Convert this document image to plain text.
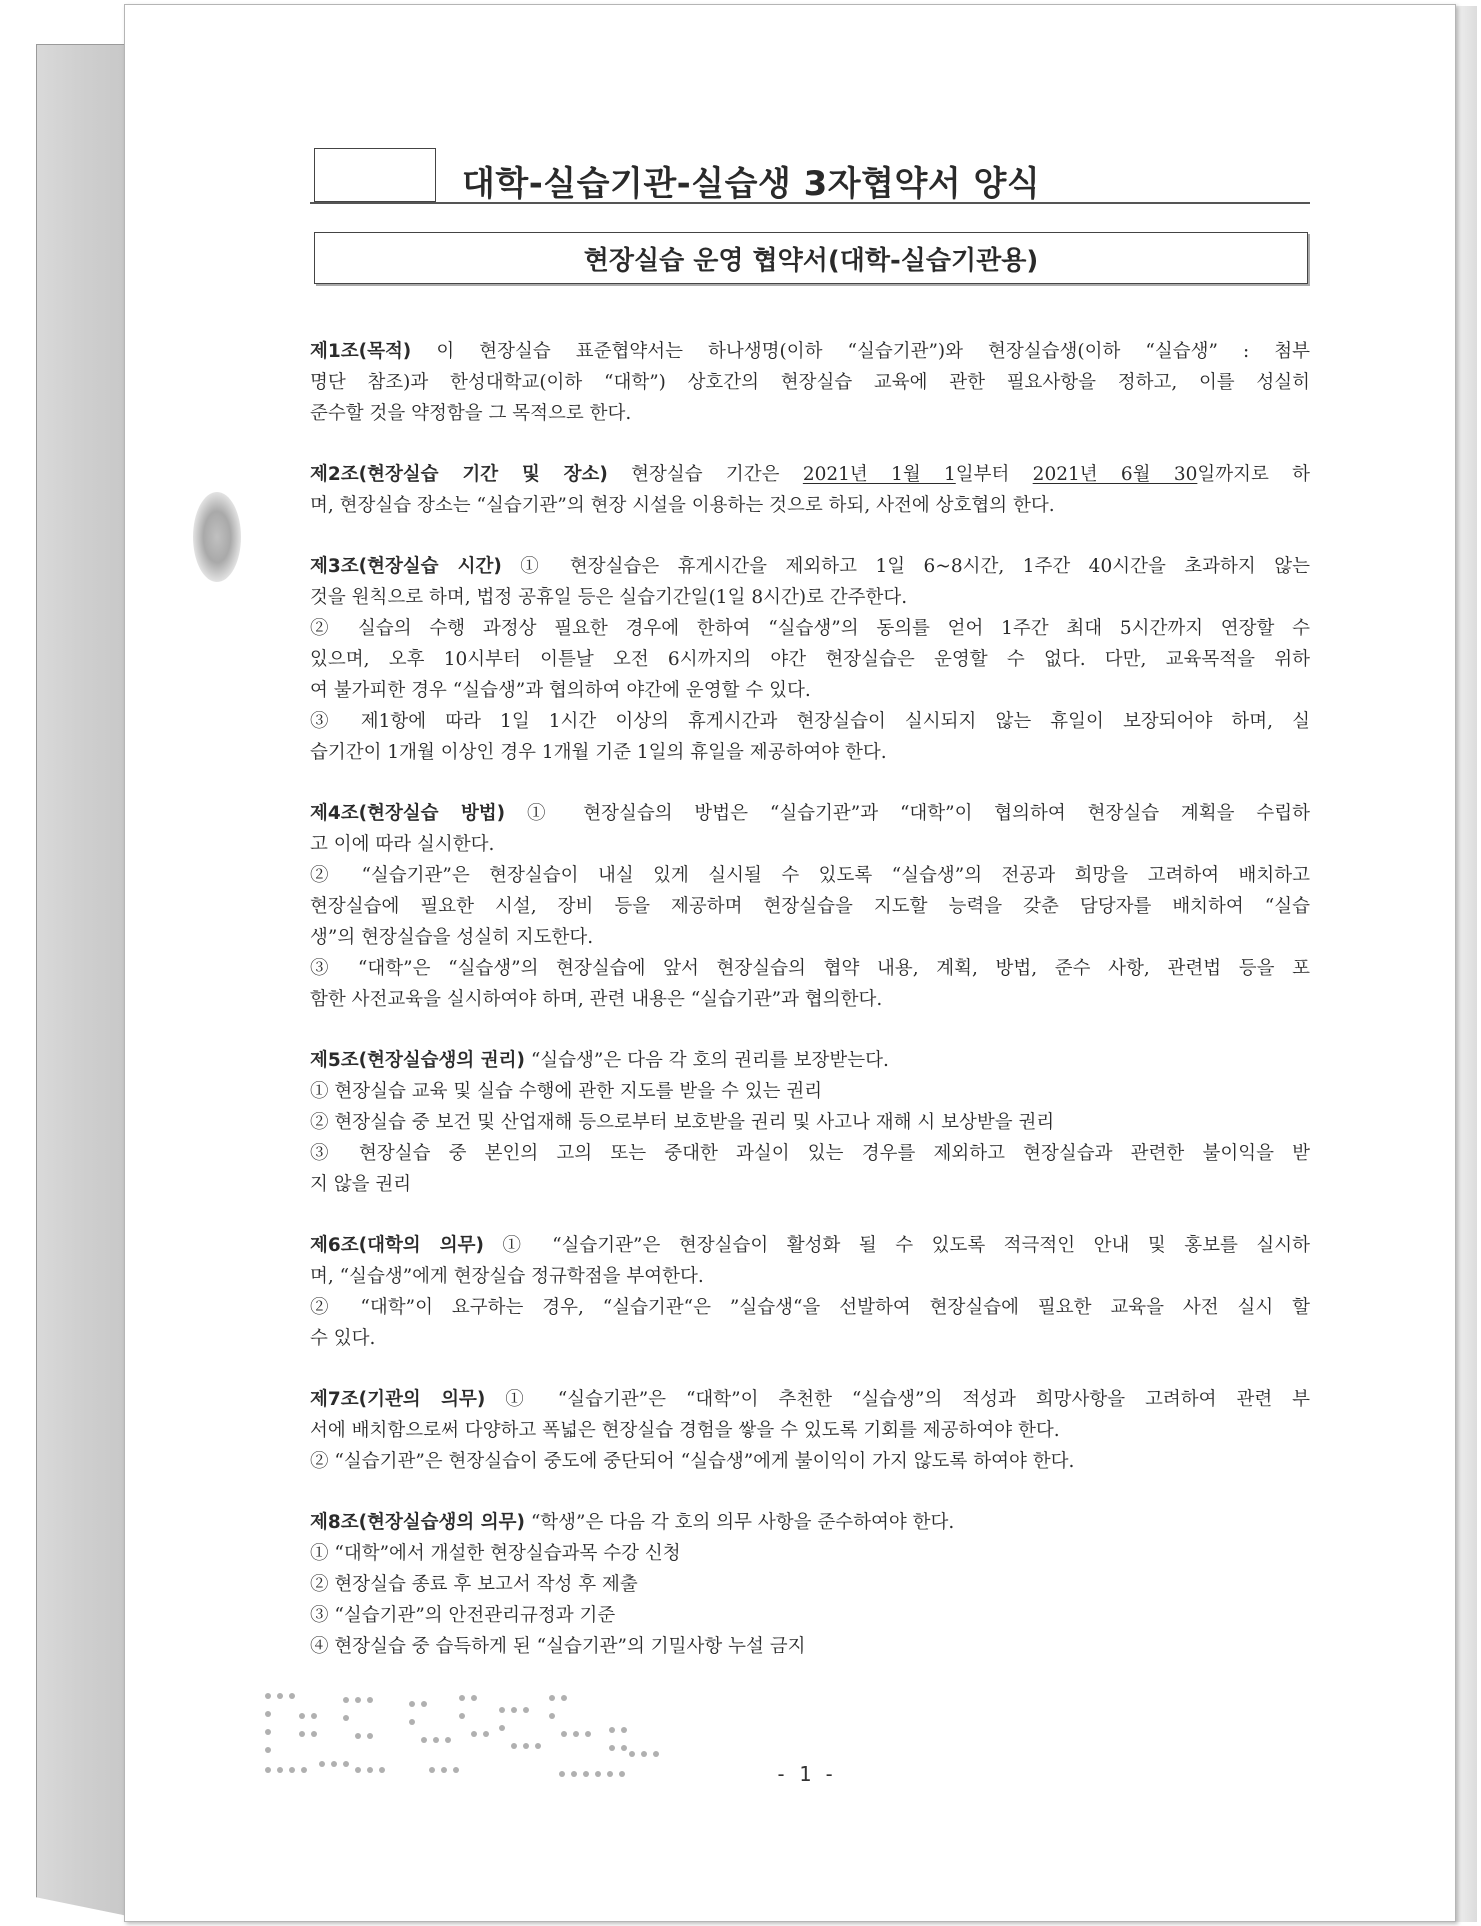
대학-실습기관-실습생 3자협약서 양식
현장실습 운영 협약서(대학-실습기관용)
제1조(목적) 이 현장실습 표준협약서는 하나생명(이하 “실습기관”)와 현장실습생(이하 “실습생” : 첨부
명단 참조)과 한성대학교(이하 “대학”) 상호간의 현장실습 교육에 관한 필요사항을 정하고, 이를 성실히
준수할 것을 약정함을 그 목적으로 한다.
제2조(현장실습 기간 및 장소) 현장실습 기간은 2021년 1월 1일부터 2021년 6월 30일까지로 하
며, 현장실습 장소는 “실습기관”의 현장 시설을 이용하는 것으로 하되, 사전에 상호협의 한다.
제3조(현장실습 시간) ① 현장실습은 휴게시간을 제외하고 1일 6~8시간, 1주간 40시간을 초과하지 않는
것을 원칙으로 하며, 법정 공휴일 등은 실습기간일(1일 8시간)로 간주한다.
② 실습의 수행 과정상 필요한 경우에 한하여 “실습생”의 동의를 얻어 1주간 최대 5시간까지 연장할 수
있으며, 오후 10시부터 이튿날 오전 6시까지의 야간 현장실습은 운영할 수 없다. 다만, 교육목적을 위하
여 불가피한 경우 “실습생”과 협의하여 야간에 운영할 수 있다.
③ 제1항에 따라 1일 1시간 이상의 휴게시간과 현장실습이 실시되지 않는 휴일이 보장되어야 하며, 실
습기간이 1개월 이상인 경우 1개월 기준 1일의 휴일을 제공하여야 한다.
제4조(현장실습 방법) ① 현장실습의 방법은 “실습기관”과 “대학”이 협의하여 현장실습 계획을 수립하
고 이에 따라 실시한다.
② “실습기관”은 현장실습이 내실 있게 실시될 수 있도록 “실습생”의 전공과 희망을 고려하여 배치하고
현장실습에 필요한 시설, 장비 등을 제공하며 현장실습을 지도할 능력을 갖춘 담당자를 배치하여 “실습
생”의 현장실습을 성실히 지도한다.
③ “대학”은 “실습생”의 현장실습에 앞서 현장실습의 협약 내용, 계획, 방법, 준수 사항, 관련법 등을 포
함한 사전교육을 실시하여야 하며, 관련 내용은 “실습기관”과 협의한다.
제5조(현장실습생의 권리) “실습생”은 다음 각 호의 권리를 보장받는다.
① 현장실습 교육 및 실습 수행에 관한 지도를 받을 수 있는 권리
② 현장실습 중 보건 및 산업재해 등으로부터 보호받을 권리 및 사고나 재해 시 보상받을 권리
③ 현장실습 중 본인의 고의 또는 중대한 과실이 있는 경우를 제외하고 현장실습과 관련한 불이익을 받
지 않을 권리
제6조(대학의 의무) ① “실습기관”은 현장실습이 활성화 될 수 있도록 적극적인 안내 및 홍보를 실시하
며, “실습생”에게 현장실습 정규학점을 부여한다.
② “대학”이 요구하는 경우, “실습기관“은 ”실습생“을 선발하여 현장실습에 필요한 교육을 사전 실시 할
수 있다.
제7조(기관의 의무) ① “실습기관”은 “대학”이 추천한 “실습생”의 적성과 희망사항을 고려하여 관련 부
서에 배치함으로써 다양하고 폭넓은 현장실습 경험을 쌓을 수 있도록 기회를 제공하여야 한다.
② “실습기관”은 현장실습이 중도에 중단되어 “실습생”에게 불이익이 가지 않도록 하여야 한다.
제8조(현장실습생의 의무) “학생”은 다음 각 호의 의무 사항을 준수하여야 한다.
① “대학”에서 개설한 현장실습과목 수강 신청
② 현장실습 종료 후 보고서 작성 후 제출
③ “실습기관”의 안전관리규정과 기준
④ 현장실습 중 습득하게 된 “실습기관”의 기밀사항 누설 금지
- 1 -
